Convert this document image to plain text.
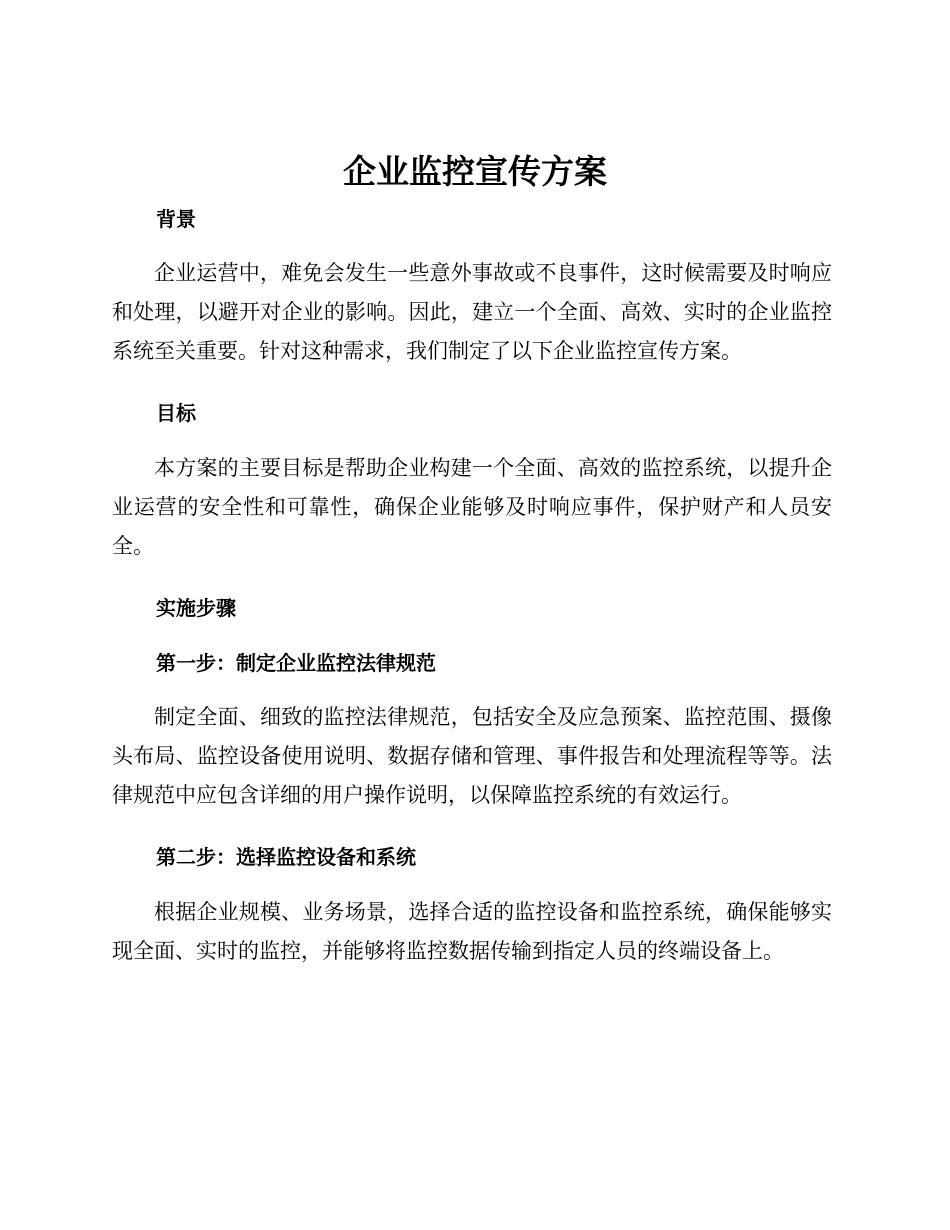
企业监控宣传方案
背景

企业运营中，难免会发生一些意外事故或不良事件，这时候需要及时响应和处理，以避开对企业的影响。因此，建立一个全面、高效、实时的企业监控系统至关重要。针对这种需求，我们制定了以下企业监控宣传方案。

目标

本方案的主要目标是帮助企业构建一个全面、高效的监控系统，以提升企业运营的安全性和可靠性，确保企业能够及时响应事件，保护财产和人员安全。

实施步骤
第一步：制定企业监控法律规范

制定全面、细致的监控法律规范，包括安全及应急预案、监控范围、摄像头布局、监控设备使用说明、数据存储和管理、事件报告和处理流程等等。法律规范中应包含详细的用户操作说明，以保障监控系统的有效运行。

第二步：选择监控设备和系统

根据企业规模、业务场景，选择合适的监控设备和监控系统，确保能够实现全面、实时的监控，并能够将监控数据传输到指定人员的终端设备上。
